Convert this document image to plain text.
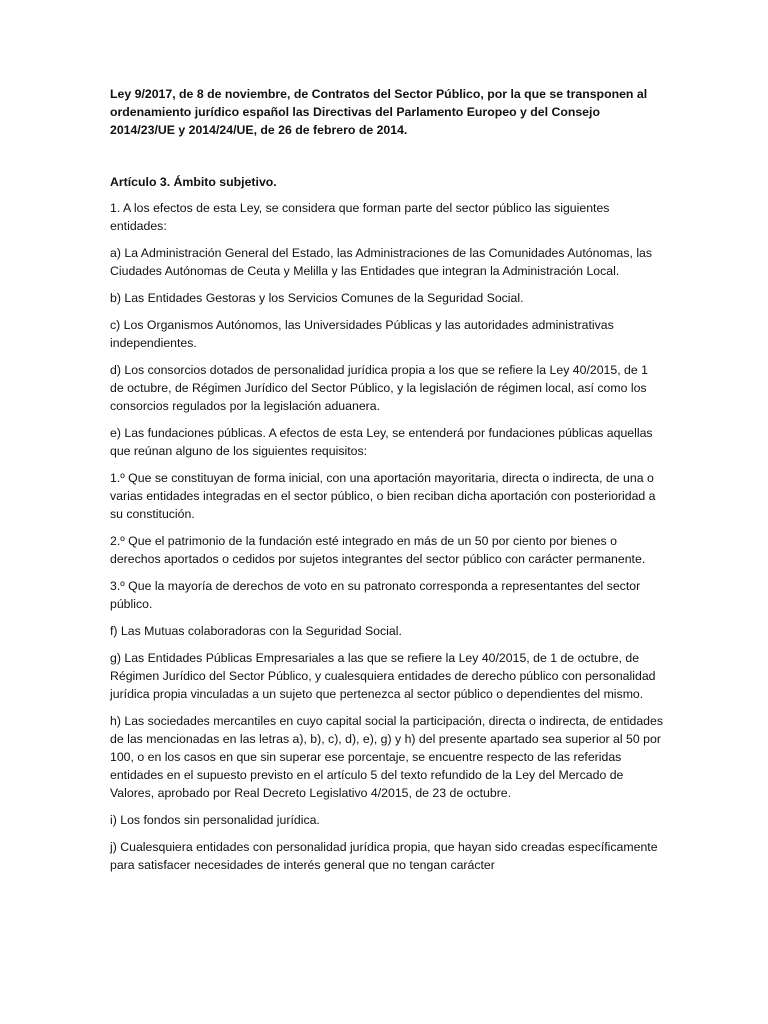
Ley 9/2017, de 8 de noviembre, de Contratos del Sector Público, por la que se transponen al ordenamiento jurídico español las Directivas del Parlamento Europeo y del Consejo 2014/23/UE y 2014/24/UE, de 26 de febrero de 2014.

Artículo 3. Ámbito subjetivo.

1. A los efectos de esta Ley, se considera que forman parte del sector público las siguientes entidades:

a) La Administración General del Estado, las Administraciones de las Comunidades Autónomas, las Ciudades Autónomas de Ceuta y Melilla y las Entidades que integran la Administración Local.

b) Las Entidades Gestoras y los Servicios Comunes de la Seguridad Social.

c) Los Organismos Autónomos, las Universidades Públicas y las autoridades administrativas independientes.

d) Los consorcios dotados de personalidad jurídica propia a los que se refiere la Ley 40/2015, de 1 de octubre, de Régimen Jurídico del Sector Público, y la legislación de régimen local, así como los consorcios regulados por la legislación aduanera.

e) Las fundaciones públicas. A efectos de esta Ley, se entenderá por fundaciones públicas aquellas que reúnan alguno de los siguientes requisitos:

1.º Que se constituyan de forma inicial, con una aportación mayoritaria, directa o indirecta, de una o varias entidades integradas en el sector público, o bien reciban dicha aportación con posterioridad a su constitución.

2.º Que el patrimonio de la fundación esté integrado en más de un 50 por ciento por bienes o derechos aportados o cedidos por sujetos integrantes del sector público con carácter permanente.

3.º Que la mayoría de derechos de voto en su patronato corresponda a representantes del sector público.

f) Las Mutuas colaboradoras con la Seguridad Social.

g) Las Entidades Públicas Empresariales a las que se refiere la Ley 40/2015, de 1 de octubre, de Régimen Jurídico del Sector Público, y cualesquiera entidades de derecho público con personalidad jurídica propia vinculadas a un sujeto que pertenezca al sector público o dependientes del mismo.

h) Las sociedades mercantiles en cuyo capital social la participación, directa o indirecta, de entidades de las mencionadas en las letras a), b), c), d), e), g) y h) del presente apartado sea superior al 50 por 100, o en los casos en que sin superar ese porcentaje, se encuentre respecto de las referidas entidades en el supuesto previsto en el artículo 5 del texto refundido de la Ley del Mercado de Valores, aprobado por Real Decreto Legislativo 4/2015, de 23 de octubre.

i) Los fondos sin personalidad jurídica.

j) Cualesquiera entidades con personalidad jurídica propia, que hayan sido creadas específicamente para satisfacer necesidades de interés general que no tengan carácter
